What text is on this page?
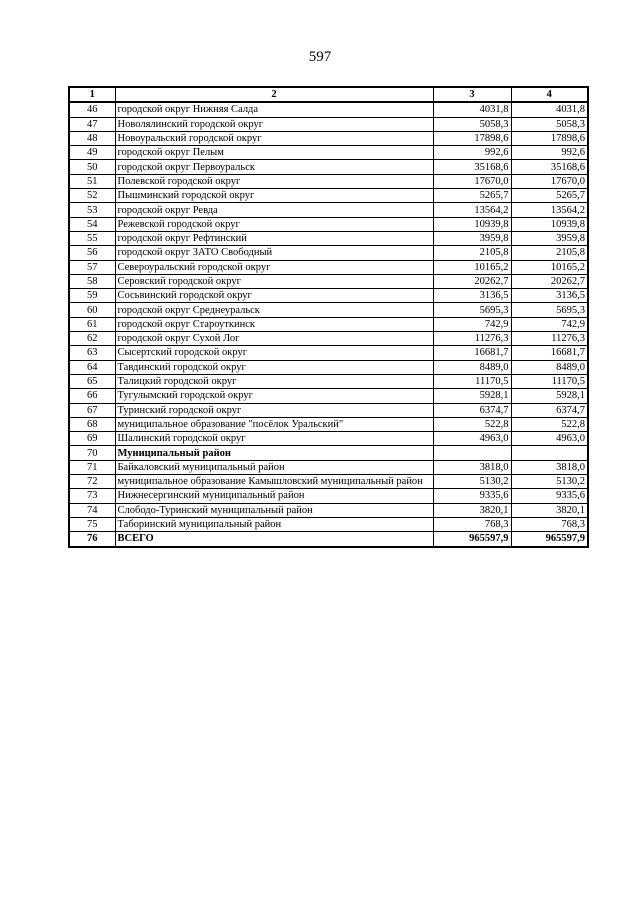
597
1	2	3	4
46	городской округ Нижняя Салда	4031,8	4031,8
47	Новолялинский городской округ	5058,3	5058,3
48	Новоуральский городской округ	17898,6	17898,6
49	городской округ Пелым	992,6	992,6
50	городской округ Первоуральск	35168,6	35168,6
51	Полевской городской округ	17670,0	17670,0
52	Пышминский городской округ	5265,7	5265,7
53	городской округ Ревда	13564,2	13564,2
54	Режевской городской округ	10939,8	10939,8
55	городской округ Рефтинский	3959,8	3959,8
56	городской округ ЗАТО Свободный	2105,8	2105,8
57	Североуральский городской округ	10165,2	10165,2
58	Серовский городской округ	20262,7	20262,7
59	Сосьвинский городской округ	3136,5	3136,5
60	городской округ Среднеуральск	5695,3	5695,3
61	городской округ Староуткинск	742,9	742,9
62	городской округ Сухой Лог	11276,3	11276,3
63	Сысертский городской округ	16681,7	16681,7
64	Тавдинский городской округ	8489,0	8489,0
65	Талицкий городской округ	11170,5	11170,5
66	Тугулымский городской округ	5928,1	5928,1
67	Туринский городской округ	6374,7	6374,7
68	муниципальное образование "посёлок Уральский"	522,8	522,8
69	Шалинский городской округ	4963,0	4963,0
70	Муниципальный район		
71	Байкаловский муниципальный район	3818,0	3818,0
72	муниципальное образование Камышловский муниципальный район	5130,2	5130,2
73	Нижнесергинский муниципальный район	9335,6	9335,6
74	Слободо-Туринский муниципальный район	3820,1	3820,1
75	Таборинский муниципальный район	768,3	768,3
76	ВСЕГО	965597,9	965597,9
